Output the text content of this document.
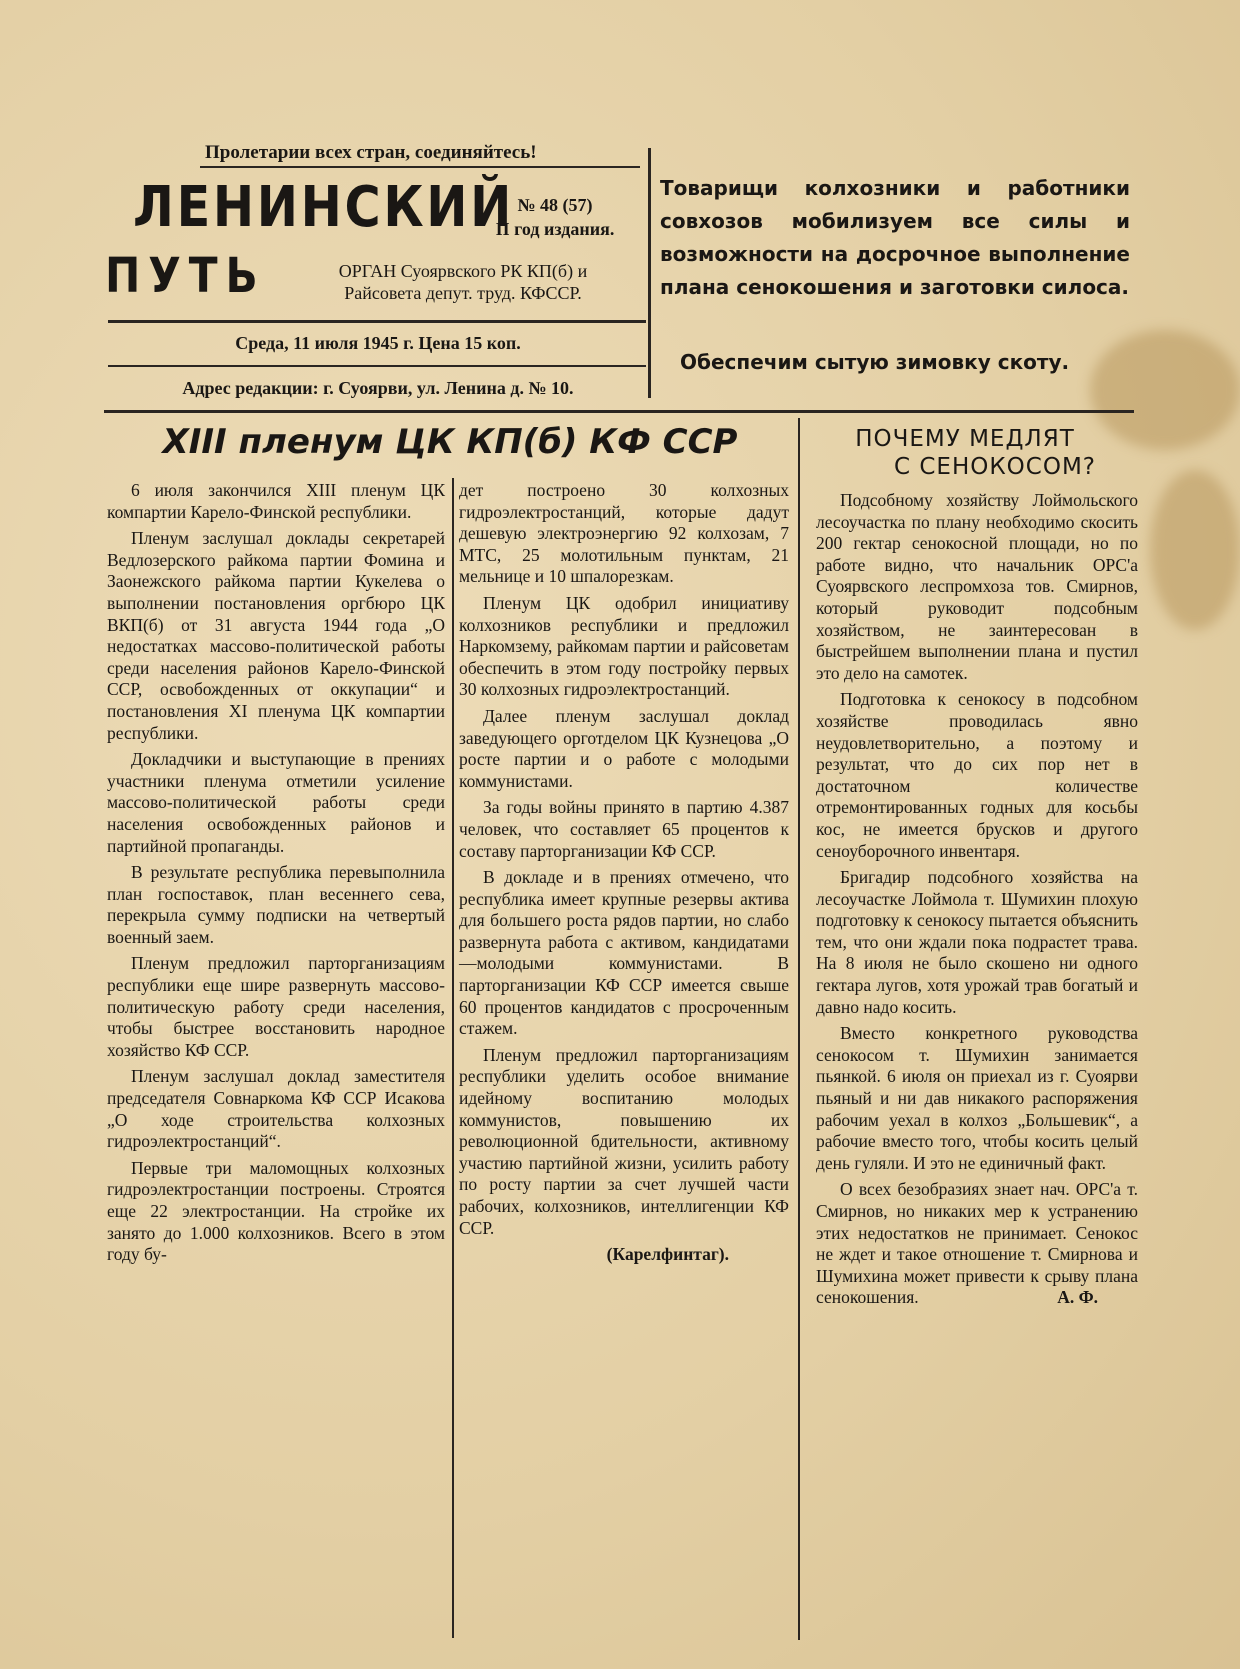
Пролетарии всех стран, соединяйтесь!
ЛЕНИНСКИЙ
ПУТЬ
№ 48 (57)
II год издания.
ОРГАН Суоярвского РК КП(б) и
Райсовета депут. труд. КФССР.
Среда, 11 июля 1945 г. Цена 15 коп.
Адрес редакции: г. Суоярви, ул. Ленина д. № 10.
Товарищи колхозники и работники совхозов мобилизуем все силы и возможности на досрочное выполнение плана сенокошения и заготовки силоса.
Обеспечим сытую зимовку скоту.
XIII пленум ЦК КП(б) КФ ССР

6 июля закончился XIII пленум ЦК компартии Карело-Финской республики.

Пленум заслушал доклады секретарей Ведлозерского райкома партии Фомина и Заонежского райкома партии Кукелева о выполнении постановления оргбюро ЦК ВКП(б) от 31 августа 1944 года „О недостатках массово-политической работы среди населения районов Карело-Финской ССР, освобожденных от оккупации“ и постановления XI пленума ЦК компартии республики.

Докладчики и выступающие в прениях участники пленума отметили усиление массово-политической работы среди населения освобожденных районов и партийной пропаганды.

В результате республика перевыполнила план госпоставок, план весеннего сева, перекрыла сумму подписки на четвертый военный заем.

Пленум предложил парторганизациям республики еще шире развернуть массово-политическую работу среди населения, чтобы быстрее восстановить народное хозяйство КФ ССР.

Пленум заслушал доклад заместителя председателя Совнаркома КФ ССР Исакова „О ходе строительства колхозных гидроэлектростанций“.

Первые три маломощных колхозных гидроэлектростанции построены. Строятся еще 22 электростанции. На стройке их занято до 1.000 колхозников. Всего в этом году бу-

дет построено 30 колхозных гидроэлектростанций, которые дадут дешевую электроэнергию 92 колхозам, 7 МТС, 25 молотильным пунктам, 21 мельнице и 10 шпалорезкам.

Пленум ЦК одобрил инициативу колхозников республики и предложил Наркомзему, райкомам партии и райсоветам обеспечить в этом году постройку первых 30 колхозных гидроэлектростанций.

Далее пленум заслушал доклад заведующего орготделом ЦК Кузнецова „О росте партии и о работе с молодыми коммунистами.

За годы войны принято в партию 4.387 человек, что составляет 65 процентов к составу парторганизации КФ ССР.

В докладе и в прениях отмечено, что республика имеет крупные резервы актива для большего роста рядов партии, но слабо развернута работа с активом, кандидатами—молодыми коммунистами. В парторганизации КФ ССР имеется свыше 60 процентов кандидатов с просроченным стажем.

Пленум предложил парторганизациям республики уделить особое внимание идейному воспитанию молодых коммунистов, повышению их революционной бдительности, активному участию партийной жизни, усилить работу по росту партии за счет лучшей части рабочих, колхозников, интеллигенции КФ ССР.

(Карелфинтаг).
ПОЧЕМУ МЕДЛЯТ
С СЕНОКОСОМ?

Подсобному хозяйству Лоймольского лесоучастка по плану необходимо скосить 200 гектар сенокосной площади, но по работе видно, что начальник ОРС'а Суоярвского леспромхоза тов. Смирнов, который руководит подсобным хозяйством, не заинтересован в быстрейшем выполнении плана и пустил это дело на самотек.

Подготовка к сенокосу в подсобном хозяйстве проводилась явно неудовлетворительно, а поэтому и результат, что до сих пор нет в достаточном количестве отремонтированных годных для косьбы кос, не имеется брусков и другого сеноуборочного инвентаря.

Бригадир подсобного хозяйства на лесоучастке Лоймола т. Шумихин плохую подготовку к сенокосу пытается объяснить тем, что они ждали пока подрастет трава. На 8 июля не было скошено ни одного гектара лугов, хотя урожай трав богатый и давно надо косить.

Вместо конкретного руководства сенокосом т. Шумихин занимается пьянкой. 6 июля он приехал из г. Суоярви пьяный и ни дав никакого распоряжения рабочим уехал в колхоз „Большевик“, а рабочие вместо того, чтобы косить целый день гуляли. И это не единичный факт.

О всех безобразиях знает нач. ОРС'а т. Смирнов, но никаких мер к устранению этих недостатков не принимает. Сенокос не ждет и такое отношение т. Смирнова и Шумихина может привести к срыву плана сенокошения.	А. Ф.
